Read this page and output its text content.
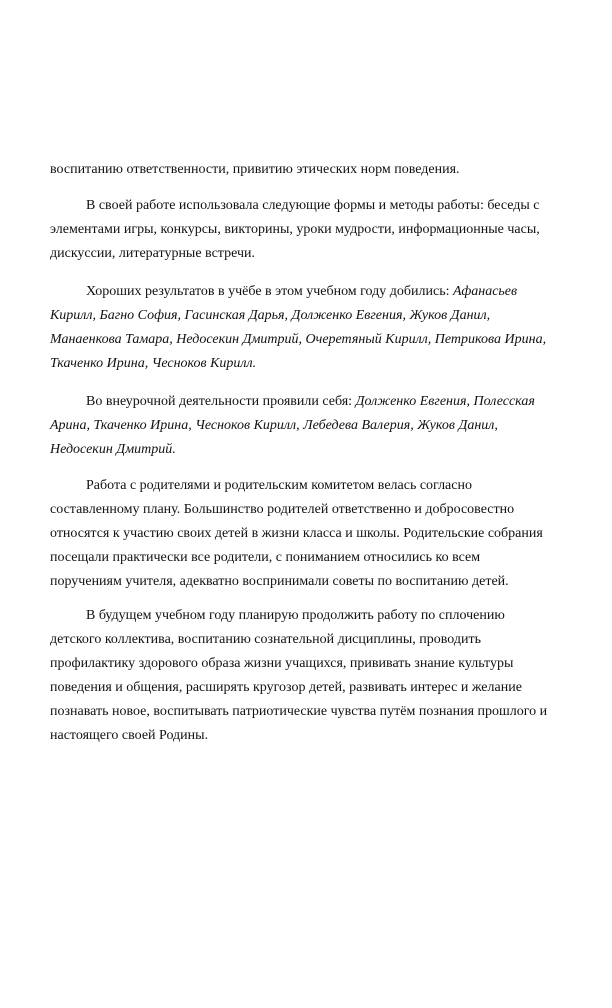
воспитанию ответственности, привитию этических норм поведения.

В своей работе использовала следующие формы и методы работы: беседы с элементами игры, конкурсы, викторины, уроки мудрости, информационные часы, дискуссии, литературные встречи.

Хороших результатов в учёбе в этом учебном году добились: Афанасьев Кирилл, Багно София, Гасинская Дарья, Долженко Евгения, Жуков Данил, Манаенкова Тамара, Недосекин Дмитрий, Очеретяный Кирилл, Петрикова Ирина, Ткаченко Ирина, Чесноков Кирилл.

Во внеурочной деятельности проявили себя: Долженко Евгения, Полесская Арина, Ткаченко Ирина, Чесноков Кирилл, Лебедева Валерия, Жуков Данил, Недосекин Дмитрий.

Работа с родителями и родительским комитетом велась согласно составленному плану. Большинство родителей ответственно и добросовестно относятся к участию своих детей в жизни класса и школы. Родительские собрания посещали практически все родители, с пониманием относились ко всем поручениям учителя, адекватно воспринимали советы по воспитанию детей.

В будущем учебном году планирую продолжить работу по сплочению детского коллектива, воспитанию сознательной дисциплины, проводить профилактику здорового образа жизни учащихся, прививать знание культуры поведения и общения, расширять кругозор детей, развивать интерес и желание познавать новое, воспитывать патриотические чувства путём познания прошлого и настоящего своей Родины.
